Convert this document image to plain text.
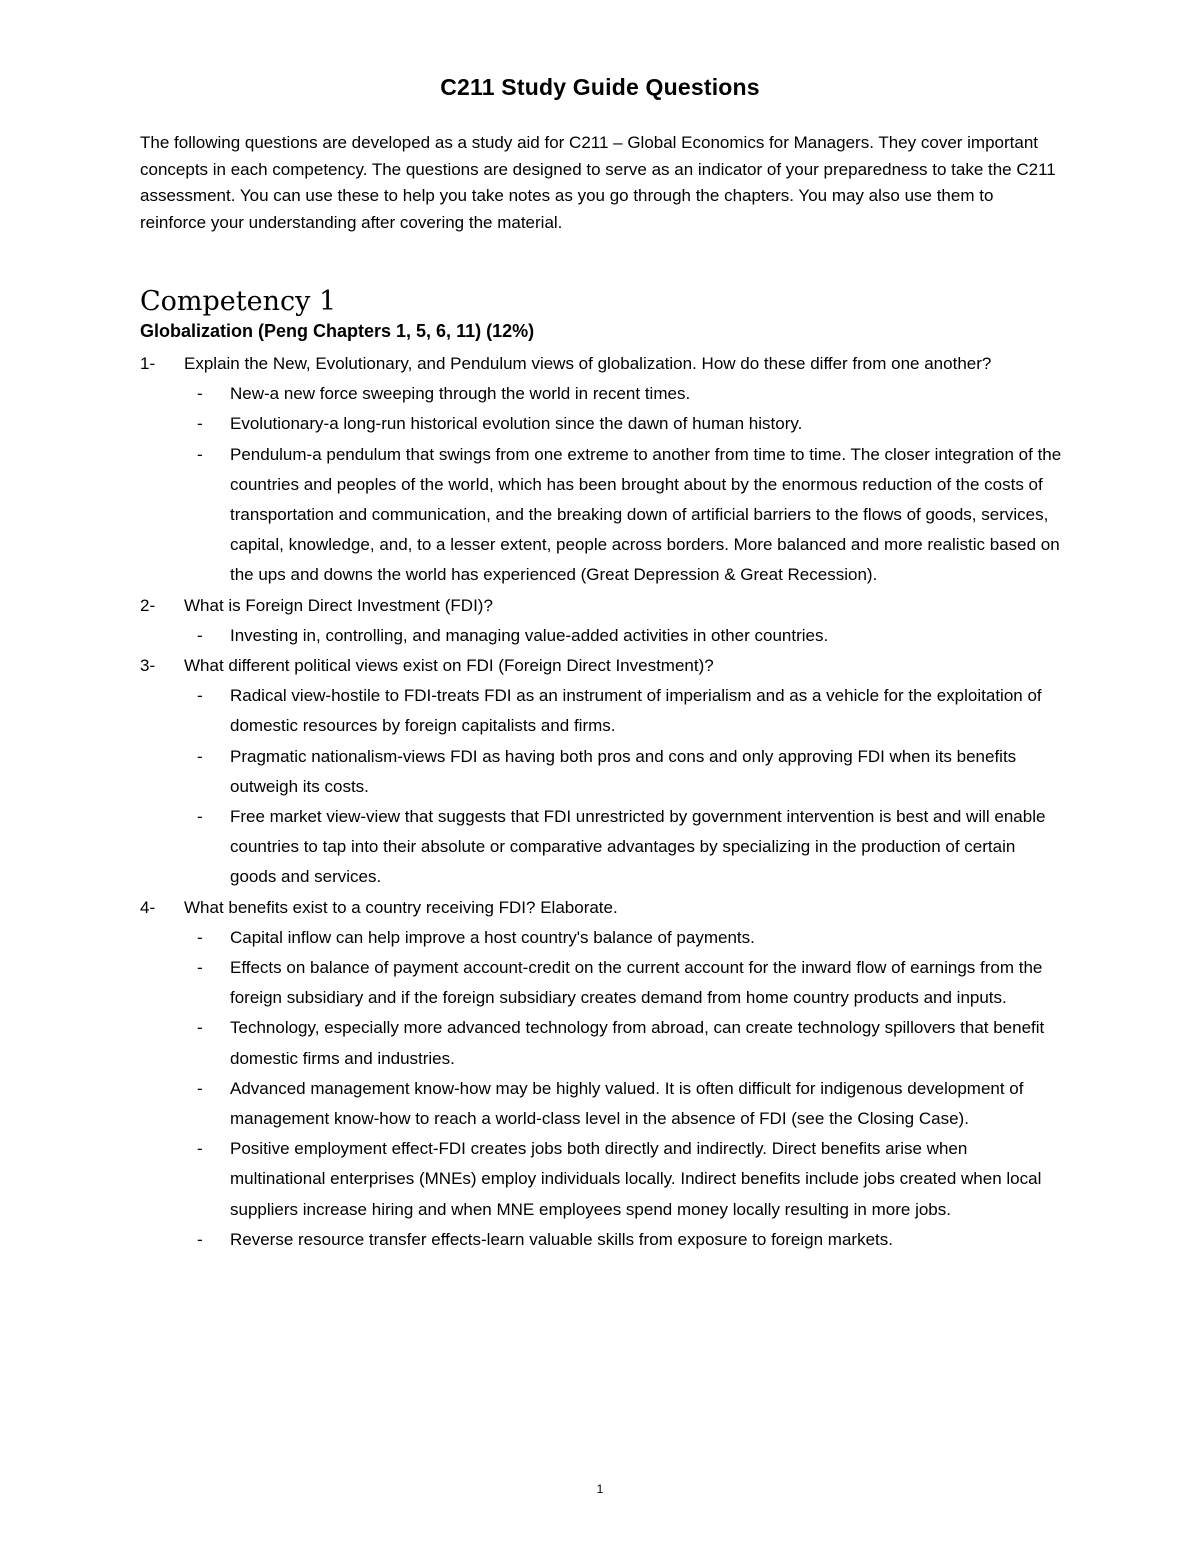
C211 Study Guide Questions

The following questions are developed as a study aid for C211 – Global Economics for Managers. They cover important concepts in each competency. The questions are designed to serve as an indicator of your preparedness to take the C211 assessment. You can use these to help you take notes as you go through the chapters. You may also use them to reinforce your understanding after covering the material.

Competency 1
Globalization (Peng Chapters 1, 5, 6, 11) (12%)
1- Explain the New, Evolutionary, and Pendulum views of globalization. How do these differ from one another?
- New-a new force sweeping through the world in recent times.
- Evolutionary-a long-run historical evolution since the dawn of human history.
- Pendulum-a pendulum that swings from one extreme to another from time to time. The closer integration of the countries and peoples of the world, which has been brought about by the enormous reduction of the costs of transportation and communication, and the breaking down of artificial barriers to the flows of goods, services, capital, knowledge, and, to a lesser extent, people across borders. More balanced and more realistic based on the ups and downs the world has experienced (Great Depression & Great Recession).
2- What is Foreign Direct Investment (FDI)?
- Investing in, controlling, and managing value-added activities in other countries.
3- What different political views exist on FDI (Foreign Direct Investment)?
- Radical view-hostile to FDI-treats FDI as an instrument of imperialism and as a vehicle for the exploitation of domestic resources by foreign capitalists and firms.
- Pragmatic nationalism-views FDI as having both pros and cons and only approving FDI when its benefits outweigh its costs.
- Free market view-view that suggests that FDI unrestricted by government intervention is best and will enable countries to tap into their absolute or comparative advantages by specializing in the production of certain goods and services.
4- What benefits exist to a country receiving FDI? Elaborate.
- Capital inflow can help improve a host country's balance of payments.
- Effects on balance of payment account-credit on the current account for the inward flow of earnings from the foreign subsidiary and if the foreign subsidiary creates demand from home country products and inputs.
- Technology, especially more advanced technology from abroad, can create technology spillovers that benefit domestic firms and industries.
- Advanced management know-how may be highly valued. It is often difficult for indigenous development of management know-how to reach a world-class level in the absence of FDI (see the Closing Case).
- Positive employment effect-FDI creates jobs both directly and indirectly. Direct benefits arise when multinational enterprises (MNEs) employ individuals locally. Indirect benefits include jobs created when local suppliers increase hiring and when MNE employees spend money locally resulting in more jobs.
- Reverse resource transfer effects-learn valuable skills from exposure to foreign markets.
1
